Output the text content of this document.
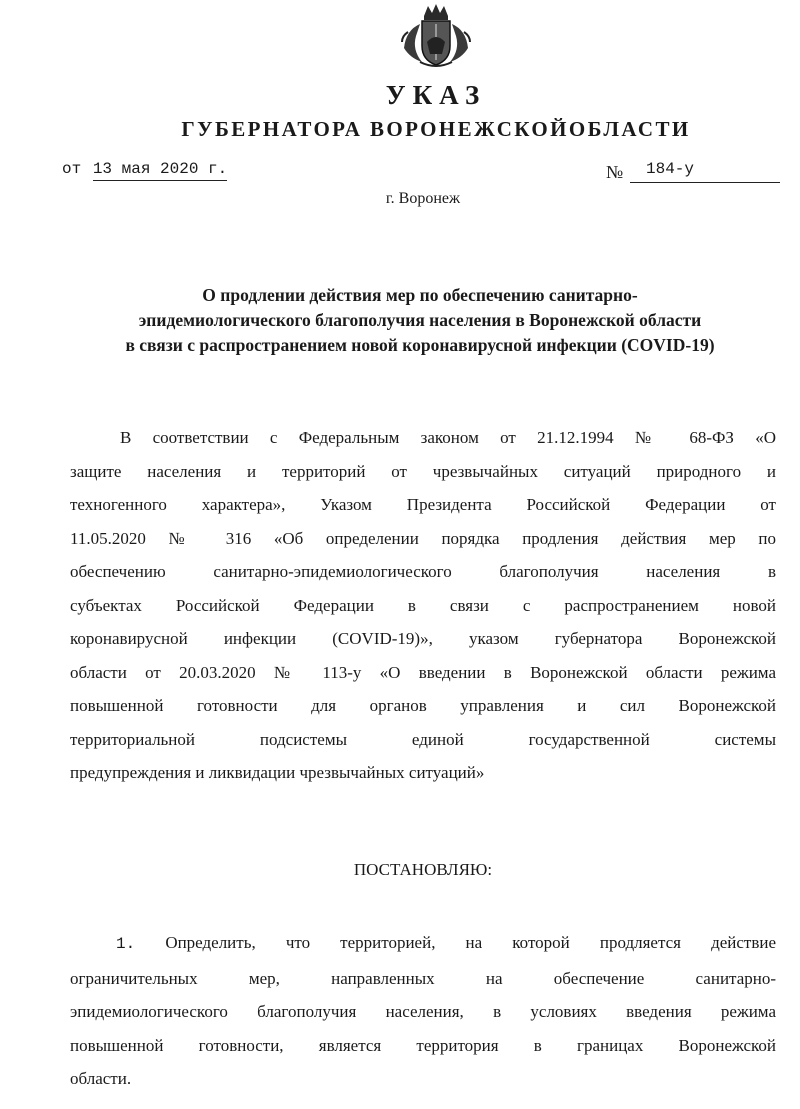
УКАЗ
ГУБЕРНАТОРА ВОРОНЕЖСКОЙОБЛАСТИ
от 13 мая 2020 г.	№	184-у
г. Воронеж
О продлении действия мер по обеспечению санитарно-
эпидемиологического благополучия населения в Воронежской области
в связи с распространением новой коронавирусной инфекции (COVID-19)
В соответствии с Федеральным законом от 21.12.1994 № 68-ФЗ «О
защите населения и территорий от чрезвычайных ситуаций природного и
техногенного характера», Указом Президента Российской Федерации от
11.05.2020 № 316 «Об определении порядка продления действия мер по
обеспечению санитарно-эпидемиологического благополучия населения в
субъектах Российской Федерации в связи с распространением новой
коронавирусной инфекции (COVID-19)», указом губернатора Воронежской
области от 20.03.2020 № 113-у «О введении в Воронежской области режима
повышенной готовности для органов управления и сил Воронежской
территориальной подсистемы единой государственной системы
предупреждения и ликвидации чрезвычайных ситуаций»
ПОСТАНОВЛЯЮ:
1. Определить, что территорией, на которой продляется действие
ограничительных мер, направленных на обеспечение санитарно-
эпидемиологического благополучия населения, в условиях введения режима
повышенной готовности, является территория в границах Воронежской
области.
